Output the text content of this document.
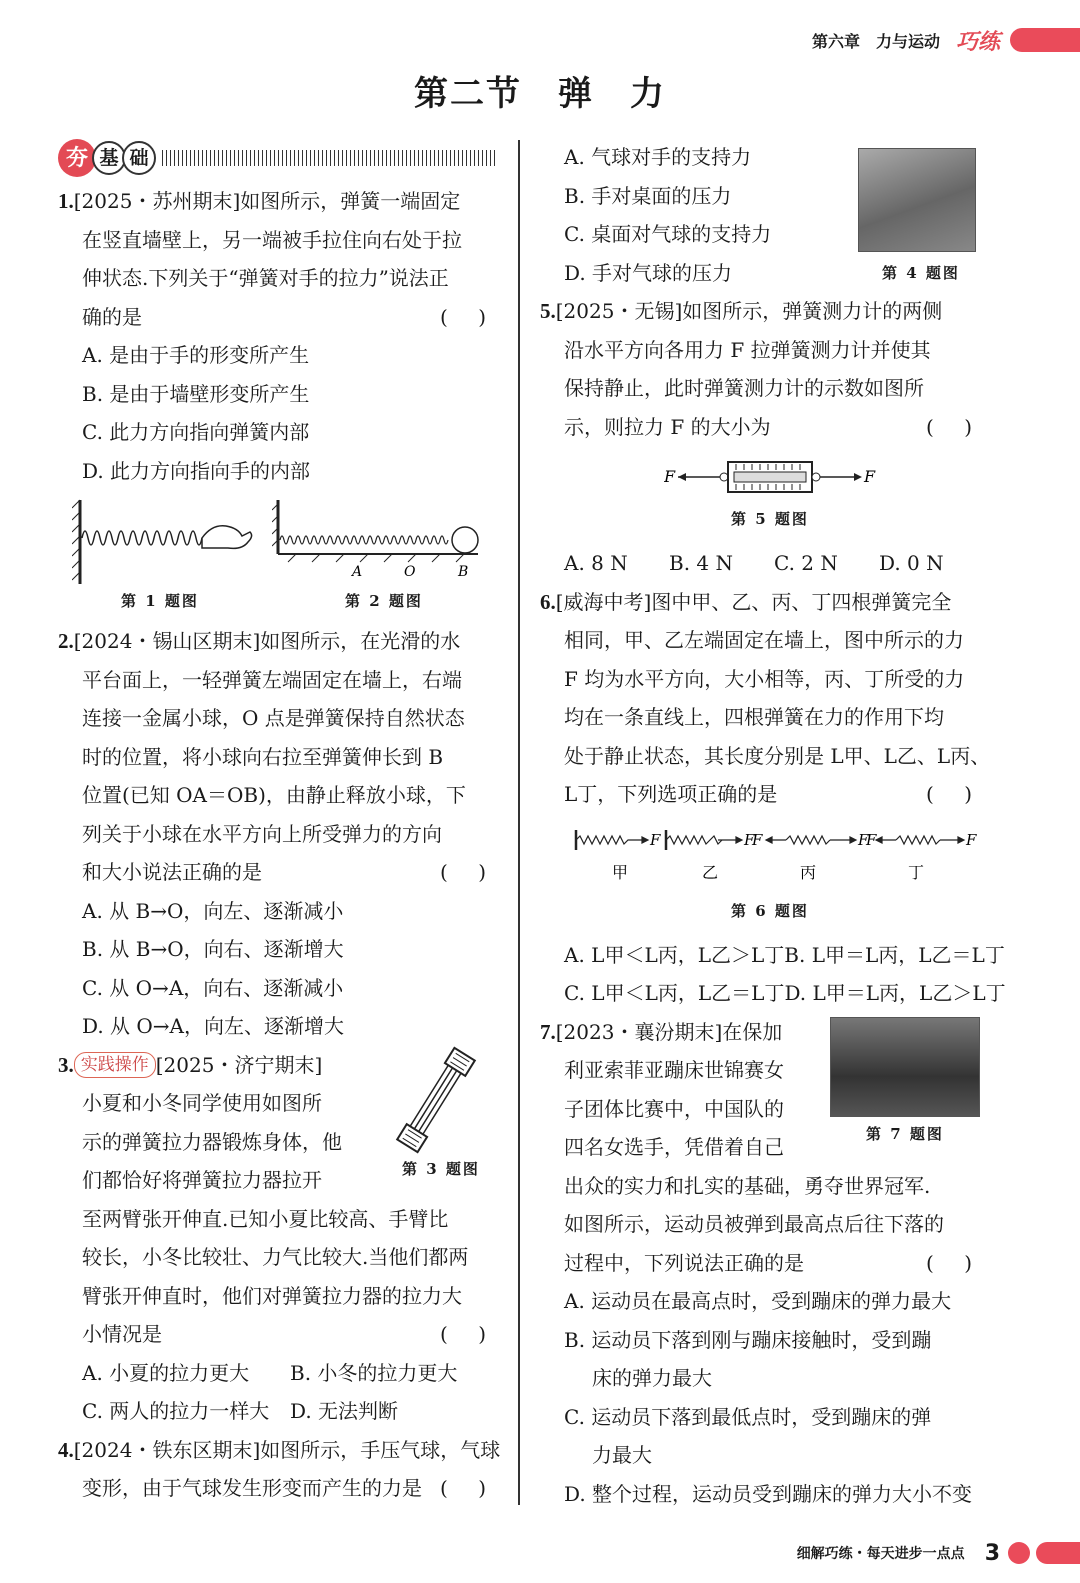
第六章　力与运动 巧练
第二节　弹　力
夯 基 础
1.[2025・苏州期末]如图所示，弹簧一端固定
在竖直墙壁上，另一端被手拉住向右处于拉
伸状态.下列关于“弹簧对手的拉力”说法正
确的是	( )
A. 是由于手的形变所产生
B. 是由于墙壁形变所产生
C. 此力方向指向弹簧内部
D. 此力方向指向手的内部
A	O	B
第 1 题图	第 2 题图
2.[2024・锡山区期末]如图所示，在光滑的水
平台面上，一轻弹簧左端固定在墙上，右端
连接一金属小球，O 点是弹簧保持自然状态
时的位置，将小球向右拉至弹簧伸长到 B
位置(已知 OA＝OB)，由静止释放小球，下
列关于小球在水平方向上所受弹力的方向
和大小说法正确的是	( )
A. 从 B→O，向左、逐渐减小
B. 从 B→O，向右、逐渐增大
C. 从 O→A，向右、逐渐减小
D. 从 O→A，向左、逐渐增大
3. 实践操作 [2025・济宁期末]
小夏和小冬同学使用如图所
示的弹簧拉力器锻炼身体，他
们都恰好将弹簧拉力器拉开	第 3 题图
至两臂张开伸直.已知小夏比较高、手臂比
较长，小冬比较壮、力气比较大.当他们都两
臂张开伸直时，他们对弹簧拉力器的拉力大
小情况是	( )
A. 小夏的拉力更大	B. 小冬的拉力更大
C. 两人的拉力一样大	D. 无法判断
4.[2024・铁东区期末]如图所示，手压气球，气球
变形，由于气球发生形变而产生的力是 ( )
A. 气球对手的支持力
B. 手对桌面的压力
C. 桌面对气球的支持力
D. 手对气球的压力	第 4 题图
5.[2025・无锡]如图所示，弹簧测力计的两侧
沿水平方向各用力 F 拉弹簧测力计并使其
保持静止，此时弹簧测力计的示数如图所
示，则拉力 F 的大小为	( )
F	F
第 5 题图
A. 8 N	B. 4 N	C. 2 N	D. 0 N
6.[威海中考]图中甲、乙、丙、丁四根弹簧完全
相同，甲、乙左端固定在墙上，图中所示的力
F 均为水平方向，大小相等，丙、丁所受的力
均在一条直线上，四根弹簧在力的作用下均
处于静止状态，其长度分别是 L甲、L乙、L丙、
L丁，下列选项正确的是	( )
F	F
F	F
F	F
甲	乙	丙	丁
第 6 题图
A. L甲＜L丙，L乙＞L丁 B. L甲＝L丙，L乙＝L丁
C. L甲＜L丙，L乙＝L丁 D. L甲＝L丙，L乙＞L丁
7.[2023・襄汾期末]在保加
利亚索菲亚蹦床世锦赛女
子团体比赛中，中国队的
四名女选手，凭借着自己
第 7 题图
出众的实力和扎实的基础，勇夺世界冠军.
如图所示，运动员被弹到最高点后往下落的
过程中，下列说法正确的是	( )
A. 运动员在最高点时，受到蹦床的弹力最大
B. 运动员下落到刚与蹦床接触时，受到蹦
床的弹力最大
C. 运动员下落到最低点时，受到蹦床的弹
力最大
D. 整个过程，运动员受到蹦床的弹力大小不变
细解巧练・每天进步一点点 3
